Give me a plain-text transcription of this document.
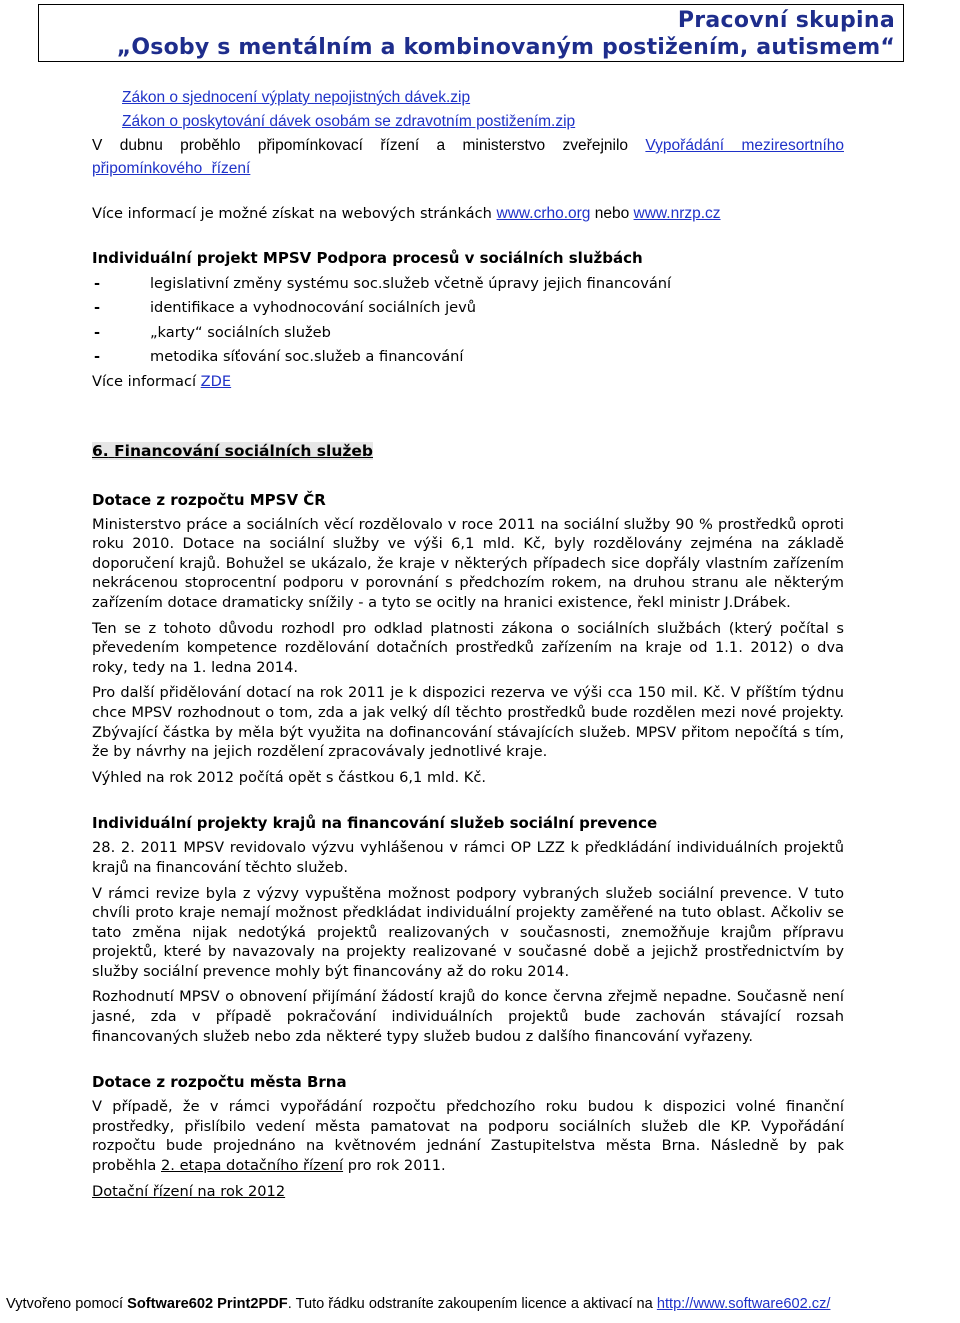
Pracovní skupina
„Osoby s mentálním a kombinovaným postižením, autismem“

Zákon o sjednocení výplaty nepojistných dávek.zip

Zákon o poskytování dávek osobám se zdravotním postižením.zip

V dubnu proběhlo připomínkovací řízení a ministerstvo zveřejnilo Vypořádání meziresortního připomínkového řízení

Více informací je možné získat na webových stránkách www.crho.org nebo www.nrzp.cz

Individuální projekt MPSV Podpora procesů v sociálních službách

- legislativní změny systému soc.služeb včetně úpravy jejich financování
- identifikace a vyhodnocování sociálních jevů
- „karty“ sociálních služeb
- metodika síťování soc.služeb a financování

Více informací ZDE

6. Financování sociálních služeb

Dotace z rozpočtu MPSV ČR

Ministerstvo práce a sociálních věcí rozdělovalo v roce 2011 na sociální služby 90 % prostředků oproti roku 2010. Dotace na sociální služby ve výši 6,1 mld. Kč, byly rozdělovány zejména na základě doporučení krajů. Bohužel se ukázalo, že kraje v některých případech sice dopřály vlastním zařízením nekrácenou stoprocentní podporu v porovnání s předchozím rokem, na druhou stranu ale některým zařízením dotace dramaticky snížily - a tyto se ocitly na hranici existence, řekl ministr J.Drábek.

Ten se z tohoto důvodu rozhodl pro odklad platnosti zákona o sociálních službách (který počítal s převedením kompetence rozdělování dotačních prostředků zařízením na kraje od 1.1. 2012) o dva roky, tedy na 1. ledna 2014.

Pro další přidělování dotací na rok 2011 je k dispozici rezerva ve výši cca 150 mil. Kč. V příštím týdnu chce MPSV rozhodnout o tom, zda a jak velký díl těchto prostředků bude rozdělen mezi nové projekty. Zbývající částka by měla být využita na dofinancování stávajících služeb. MPSV přitom nepočítá s tím, že by návrhy na jejich rozdělení zpracovávaly jednotlivé kraje.

Výhled na rok 2012 počítá opět s částkou 6,1 mld. Kč.

Individuální projekty krajů na financování služeb sociální prevence

28. 2. 2011 MPSV revidovalo výzvu vyhlášenou v rámci OP LZZ k předkládání individuálních projektů krajů na financování těchto služeb.

V rámci revize byla z výzvy vypuštěna možnost podpory vybraných služeb sociální prevence. V tuto chvíli proto kraje nemají možnost předkládat individuální projekty zaměřené na tuto oblast. Ačkoliv se tato změna nijak nedotýká projektů realizovaných v současnosti, znemožňuje krajům přípravu projektů, které by navazovaly na projekty realizované v současné době a jejichž prostřednictvím by služby sociální prevence mohly být financovány až do roku 2014.

Rozhodnutí MPSV o obnovení přijímání žádostí krajů do konce června zřejmě nepadne. Současně není jasné, zda v případě pokračování individuálních projektů bude zachován stávající rozsah financovaných služeb nebo zda některé typy služeb budou z dalšího financování vyřazeny.

Dotace z rozpočtu města Brna

V případě, že v rámci vypořádání rozpočtu předchozího roku budou k dispozici volné finanční prostředky, přislíbilo vedení města pamatovat na podporu sociálních služeb dle KP. Vypořádání rozpočtu bude projednáno na květnovém jednání Zastupitelstva města Brna. Následně by pak proběhla 2. etapa dotačního řízení pro rok 2011.

Dotační řízení na rok 2012

Vytvořeno pomocí Software602 Print2PDF. Tuto řádku odstraníte zakoupením licence a aktivací na http://www.software602.cz/
